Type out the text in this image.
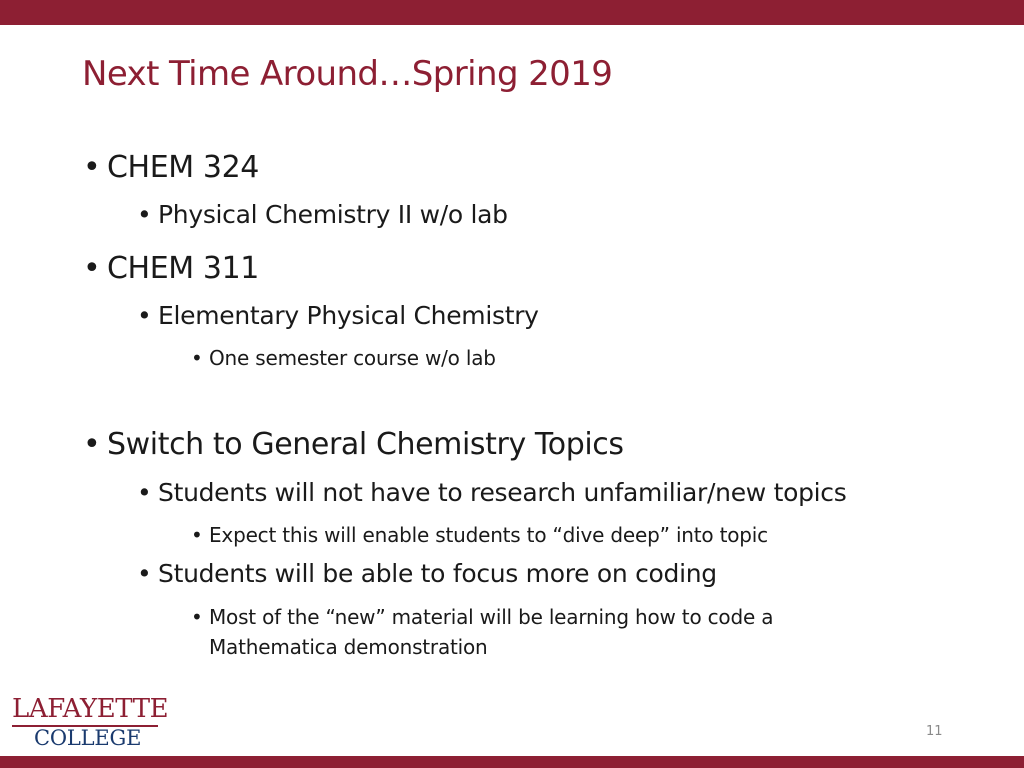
Next Time Around…Spring 2019
• CHEM 324
• Physical Chemistry II w/o lab
• CHEM 311
• Elementary Physical Chemistry
• One semester course w/o lab
• Switch to General Chemistry Topics
• Students will not have to research unfamiliar/new topics
• Expect this will enable students to “dive deep” into topic
• Students will be able to focus more on coding
• Most of the “new” material will be learning how to code a
Mathematica demonstration
LAFAYETTE
COLLEGE	11
